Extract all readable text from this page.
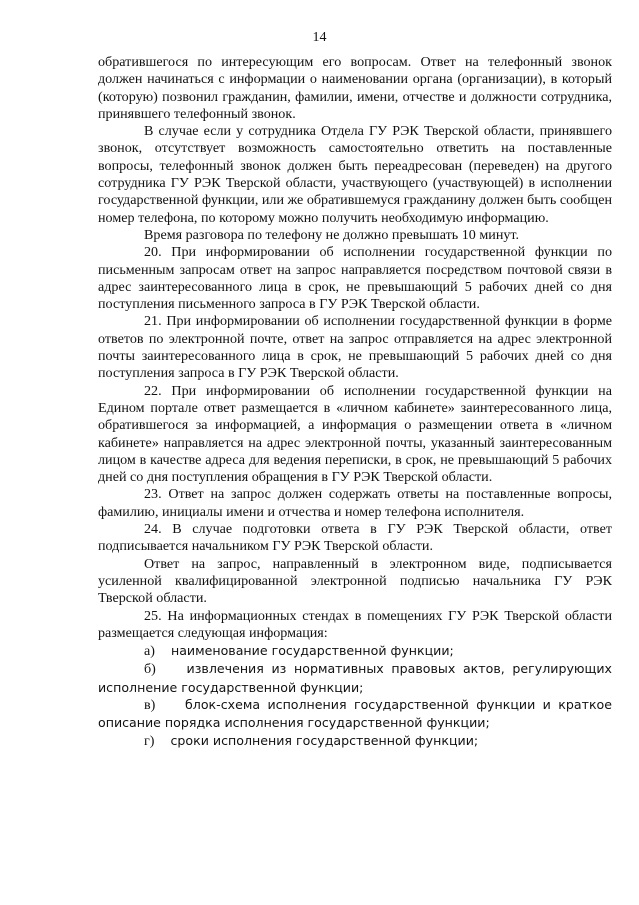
14

обратившегося по интересующим его вопросам. Ответ на телефонный звонок должен начинаться с информации о наименовании органа (организации), в который (которую) позвонил гражданин, фамилии, имени, отчестве и должности сотрудника, принявшего телефонный звонок.

В случае если у сотрудника Отдела ГУ РЭК Тверской области, принявшего звонок, отсутствует возможность самостоятельно ответить на поставленные вопросы, телефонный звонок должен быть переадресован (переведен) на другого сотрудника ГУ РЭК Тверской области, участвующего (участвующей) в исполнении государственной функции, или же обратившемуся гражданину должен быть сообщен номер телефона, по которому можно получить необходимую информацию.

Время разговора по телефону не должно превышать 10 минут.

20. При информировании об исполнении государственной функции по письменным запросам ответ на запрос направляется посредством почтовой связи в адрес заинтересованного лица в срок, не превышающий 5 рабочих дней со дня поступления письменного запроса в ГУ РЭК Тверской области.

21. При информировании об исполнении государственной функции в форме ответов по электронной почте, ответ на запрос отправляется на адрес электронной почты заинтересованного лица в срок, не превышающий 5 рабочих дней со дня поступления запроса в ГУ РЭК Тверской области.

22. При информировании об исполнении государственной функции на Едином портале ответ размещается в «личном кабинете» заинтересованного лица, обратившегося за информацией, а информация о размещении ответа в «личном кабинете» направляется на адрес электронной почты, указанный заинтересованным лицом в качестве адреса для ведения переписки, в срок, не превышающий 5 рабочих дней со дня поступления обращения в ГУ РЭК Тверской области.

23. Ответ на запрос должен содержать ответы на поставленные вопросы, фамилию, инициалы имени и отчества и номер телефона исполнителя.

24. В случае подготовки ответа в ГУ РЭК Тверской области, ответ подписывается начальником ГУ РЭК Тверской области.

Ответ на запрос, направленный в электронном виде, подписывается усиленной квалифицированной электронной подписью начальника ГУ РЭК Тверской области.

25. На информационных стендах в помещениях ГУ РЭК Тверской области размещается следующая информация:

а) наименование государственной функции;

б) извлечения из нормативных правовых актов, регулирующих исполнение государственной функции;

в) блок-схема исполнения государственной функции и краткое описание порядка исполнения государственной функции;

г) сроки исполнения государственной функции;
